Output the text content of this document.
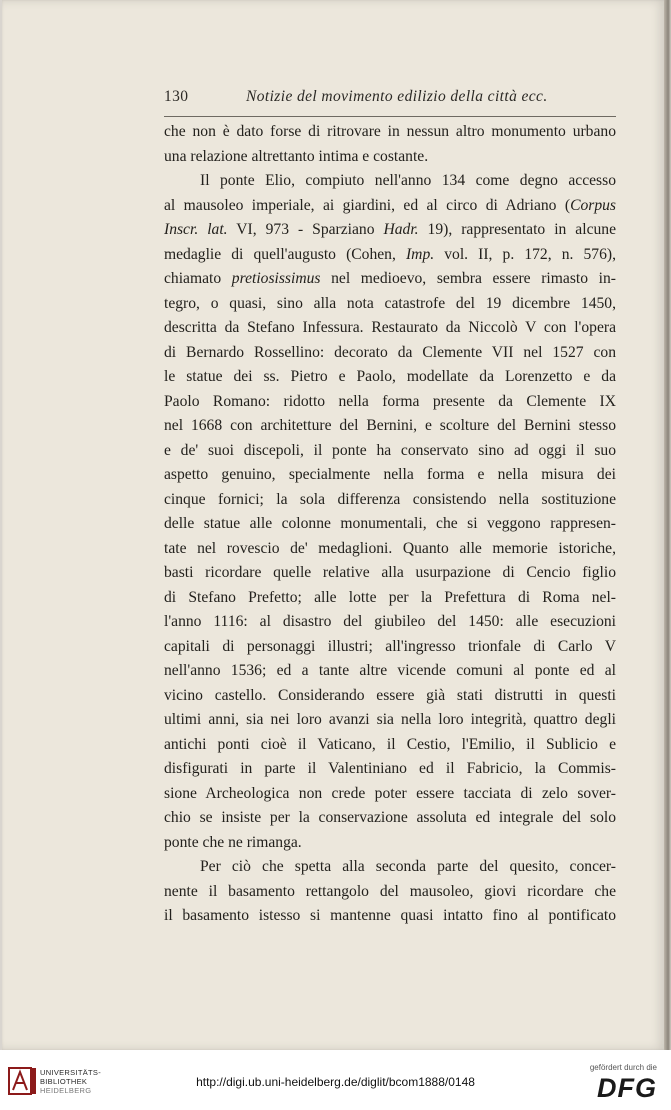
130	Notizie del movimento edilizio della città ecc.
che non è dato forse di ritrovare in nessun altro monumento urbano
una relazione altrettanto intima e costante.
Il ponte Elio, compiuto nell'anno 134 come degno accesso
al mausoleo imperiale, ai giardini, ed al circo di Adriano (Corpus
Inscr. lat. VI, 973 - Sparziano Hadr. 19), rappresentato in alcune
medaglie di quell'augusto (Cohen, Imp. vol. II, p. 172, n. 576),
chiamato pretiosissimus nel medioevo, sembra essere rimasto in-
tegro, o quasi, sino alla nota catastrofe del 19 dicembre 1450,
descritta da Stefano Infessura. Restaurato da Niccolò V con l'opera
di Bernardo Rossellino: decorato da Clemente VII nel 1527 con
le statue dei ss. Pietro e Paolo, modellate da Lorenzetto e da
Paolo Romano: ridotto nella forma presente da Clemente IX
nel 1668 con architetture del Bernini, e scolture del Bernini stesso
e de' suoi discepoli, il ponte ha conservato sino ad oggi il suo
aspetto genuino, specialmente nella forma e nella misura dei
cinque fornici; la sola differenza consistendo nella sostituzione
delle statue alle colonne monumentali, che si veggono rappresen-
tate nel rovescio de' medaglioni. Quanto alle memorie istoriche,
basti ricordare quelle relative alla usurpazione di Cencio figlio
di Stefano Prefetto; alle lotte per la Prefettura di Roma nel-
l'anno 1116: al disastro del giubileo del 1450: alle esecuzioni
capitali di personaggi illustri; all'ingresso trionfale di Carlo V
nell'anno 1536; ed a tante altre vicende comuni al ponte ed al
vicino castello. Considerando essere già stati distrutti in questi
ultimi anni, sia nei loro avanzi sia nella loro integrità, quattro degli
antichi ponti cioè il Vaticano, il Cestio, l'Emilio, il Sublicio e
disfigurati in parte il Valentiniano ed il Fabricio, la Commis-
sione Archeologica non crede poter essere tacciata di zelo sover-
chio se insiste per la conservazione assoluta ed integrale del solo
ponte che ne rimanga.
Per ciò che spetta alla seconda parte del quesito, concer-
nente il basamento rettangolo del mausoleo, giovi ricordare che
il basamento istesso si mantenne quasi intatto fino al pontificato
UNIVERSITÄTS-
BIBLIOTHEK
HEIDELBERG
http://digi.ub.uni-heidelberg.de/diglit/bcom1888/0148
gefördert durch die
DFG
